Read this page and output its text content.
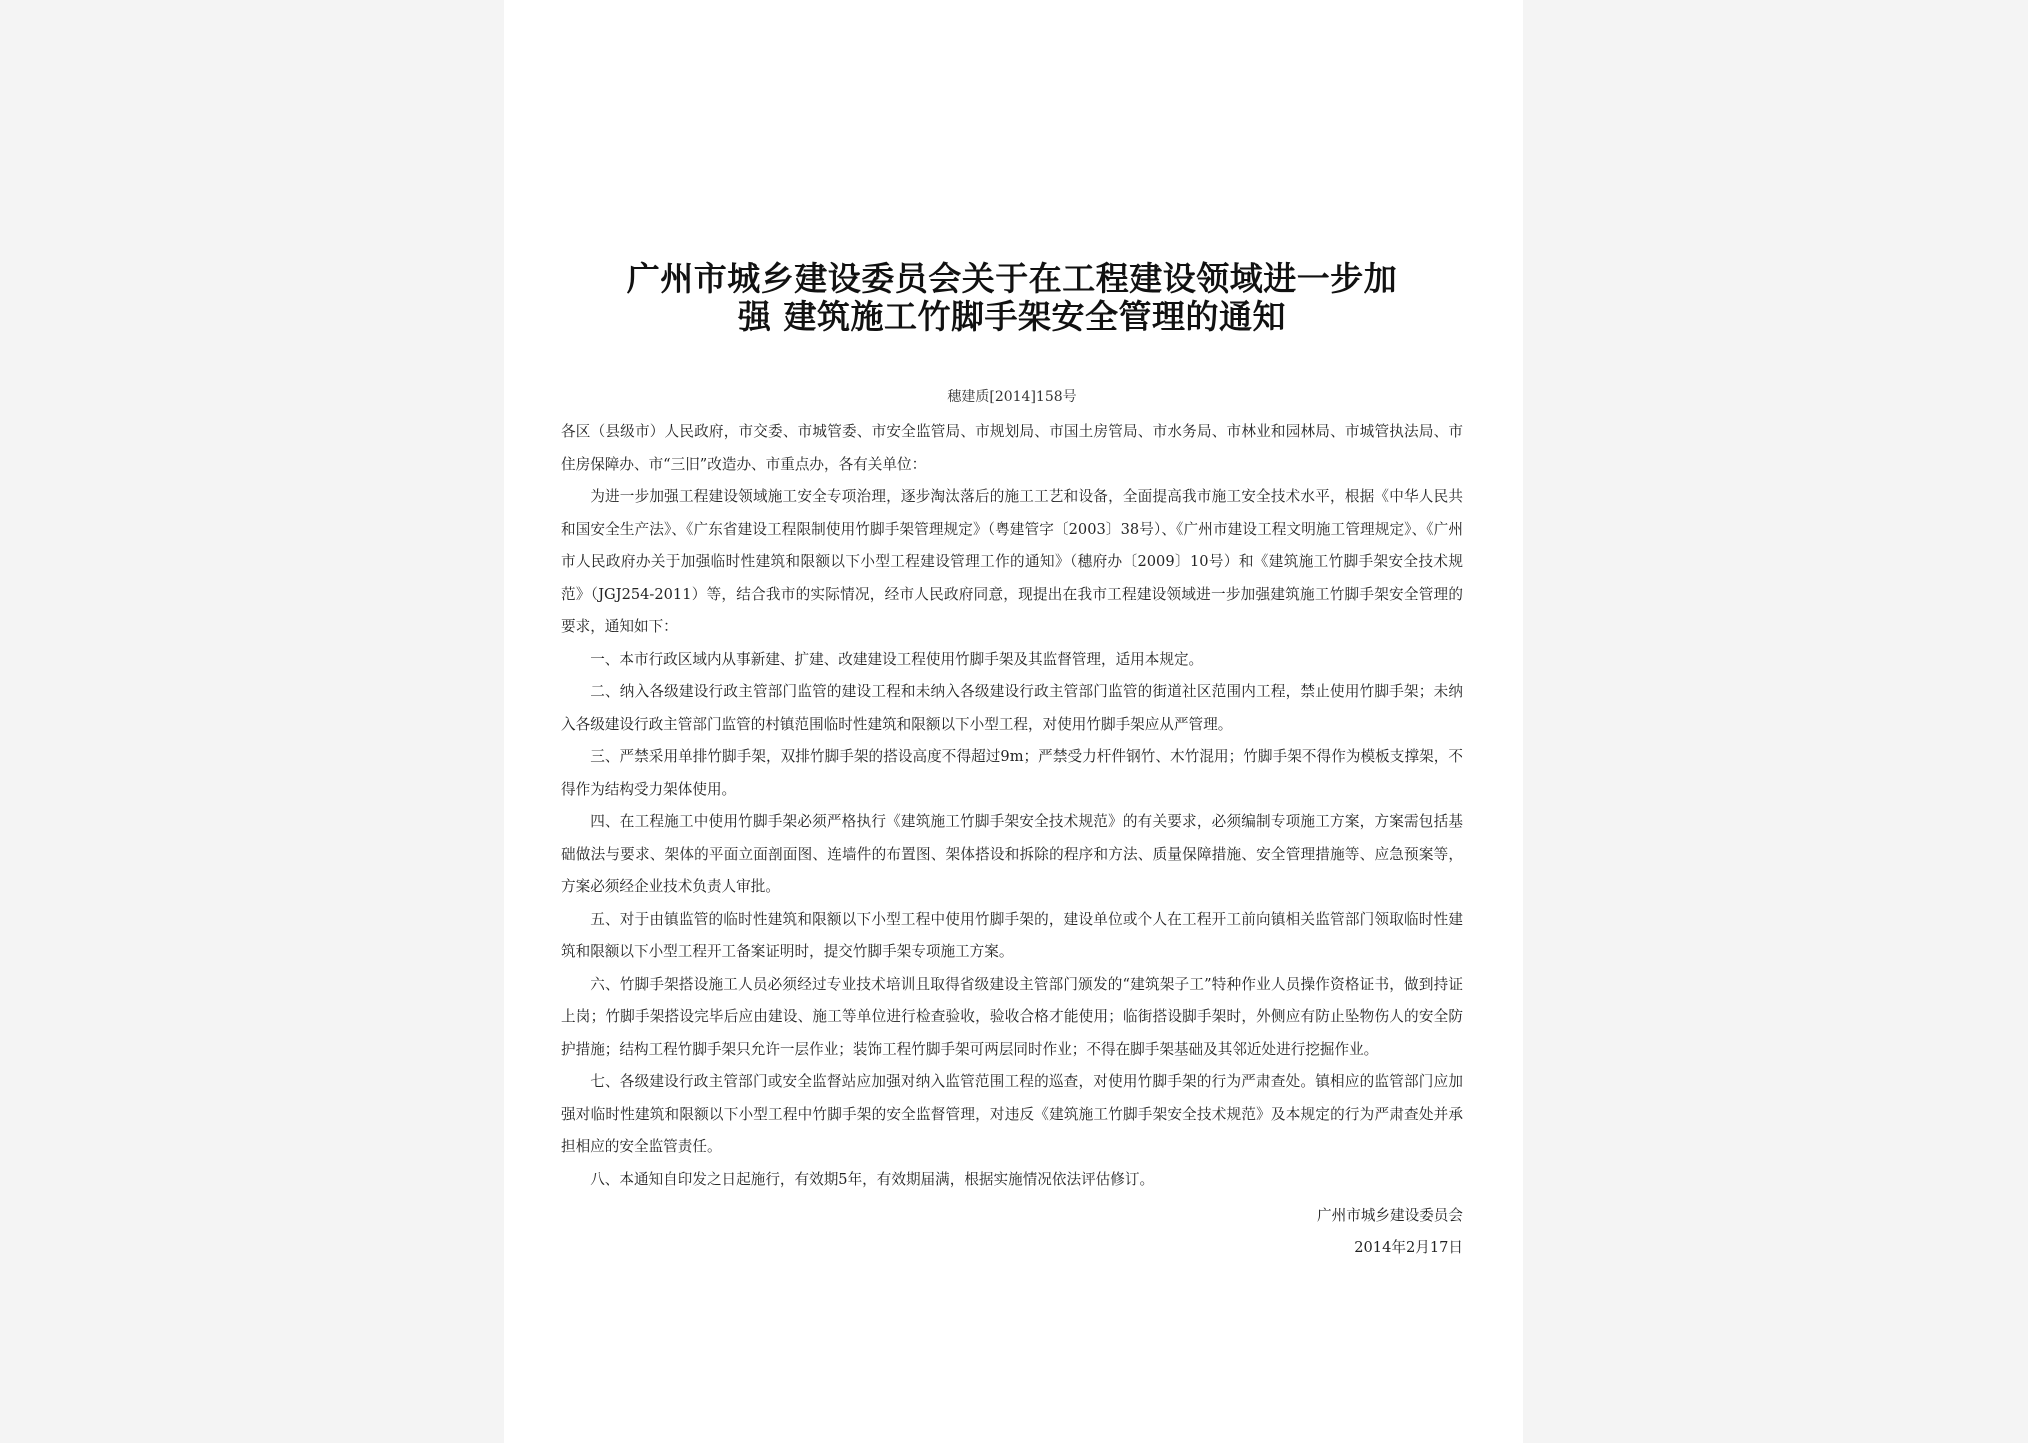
广州市城乡建设委员会关于在工程建设领域进一步加
强 建筑施工竹脚手架安全管理的通知
穗建质[2014]158号

各区（县级市）人民政府，市交委、市城管委、市安全监管局、市规划局、市国土房管局、市水务局、市林业和园林局、市城管执法局、市住房保障办、市“三旧”改造办、市重点办，各有关单位：

为进一步加强工程建设领域施工安全专项治理，逐步淘汰落后的施工工艺和设备，全面提高我市施工安全技术水平，根据《中华人民共和国安全生产法》、《广东省建设工程限制使用竹脚手架管理规定》（粤建管字〔2003〕38号）、《广州市建设工程文明施工管理规定》、《广州市人民政府办关于加强临时性建筑和限额以下小型工程建设管理工作的通知》（穗府办〔2009〕10号）和《建筑施工竹脚手架安全技术规范》（JGJ254-2011）等，结合我市的实际情况，经市人民政府同意，现提出在我市工程建设领域进一步加强建筑施工竹脚手架安全管理的要求，通知如下：

一、本市行政区域内从事新建、扩建、改建建设工程使用竹脚手架及其监督管理，适用本规定。

二、纳入各级建设行政主管部门监管的建设工程和未纳入各级建设行政主管部门监管的街道社区范围内工程，禁止使用竹脚手架；未纳入各级建设行政主管部门监管的村镇范围临时性建筑和限额以下小型工程，对使用竹脚手架应从严管理。

三、严禁采用单排竹脚手架，双排竹脚手架的搭设高度不得超过9m；严禁受力杆件钢竹、木竹混用；竹脚手架不得作为模板支撑架，不得作为结构受力架体使用。

四、在工程施工中使用竹脚手架必须严格执行《建筑施工竹脚手架安全技术规范》的有关要求，必须编制专项施工方案，方案需包括基础做法与要求、架体的平面立面剖面图、连墙件的布置图、架体搭设和拆除的程序和方法、质量保障措施、安全管理措施等、应急预案等，方案必须经企业技术负责人审批。

五、对于由镇监管的临时性建筑和限额以下小型工程中使用竹脚手架的，建设单位或个人在工程开工前向镇相关监管部门领取临时性建筑和限额以下小型工程开工备案证明时，提交竹脚手架专项施工方案。

六、竹脚手架搭设施工人员必须经过专业技术培训且取得省级建设主管部门颁发的“建筑架子工”特种作业人员操作资格证书，做到持证上岗；竹脚手架搭设完毕后应由建设、施工等单位进行检查验收，验收合格才能使用；临街搭设脚手架时，外侧应有防止坠物伤人的安全防护措施；结构工程竹脚手架只允许一层作业；装饰工程竹脚手架可两层同时作业；不得在脚手架基础及其邻近处进行挖掘作业。

七、各级建设行政主管部门或安全监督站应加强对纳入监管范围工程的巡查，对使用竹脚手架的行为严肃查处。镇相应的监管部门应加强对临时性建筑和限额以下小型工程中竹脚手架的安全监督管理，对违反《建筑施工竹脚手架安全技术规范》及本规定的行为严肃查处并承担相应的安全监管责任。

八、本通知自印发之日起施行，有效期5年，有效期届满，根据实施情况依法评估修订。

广州市城乡建设委员会
2014年2月17日
